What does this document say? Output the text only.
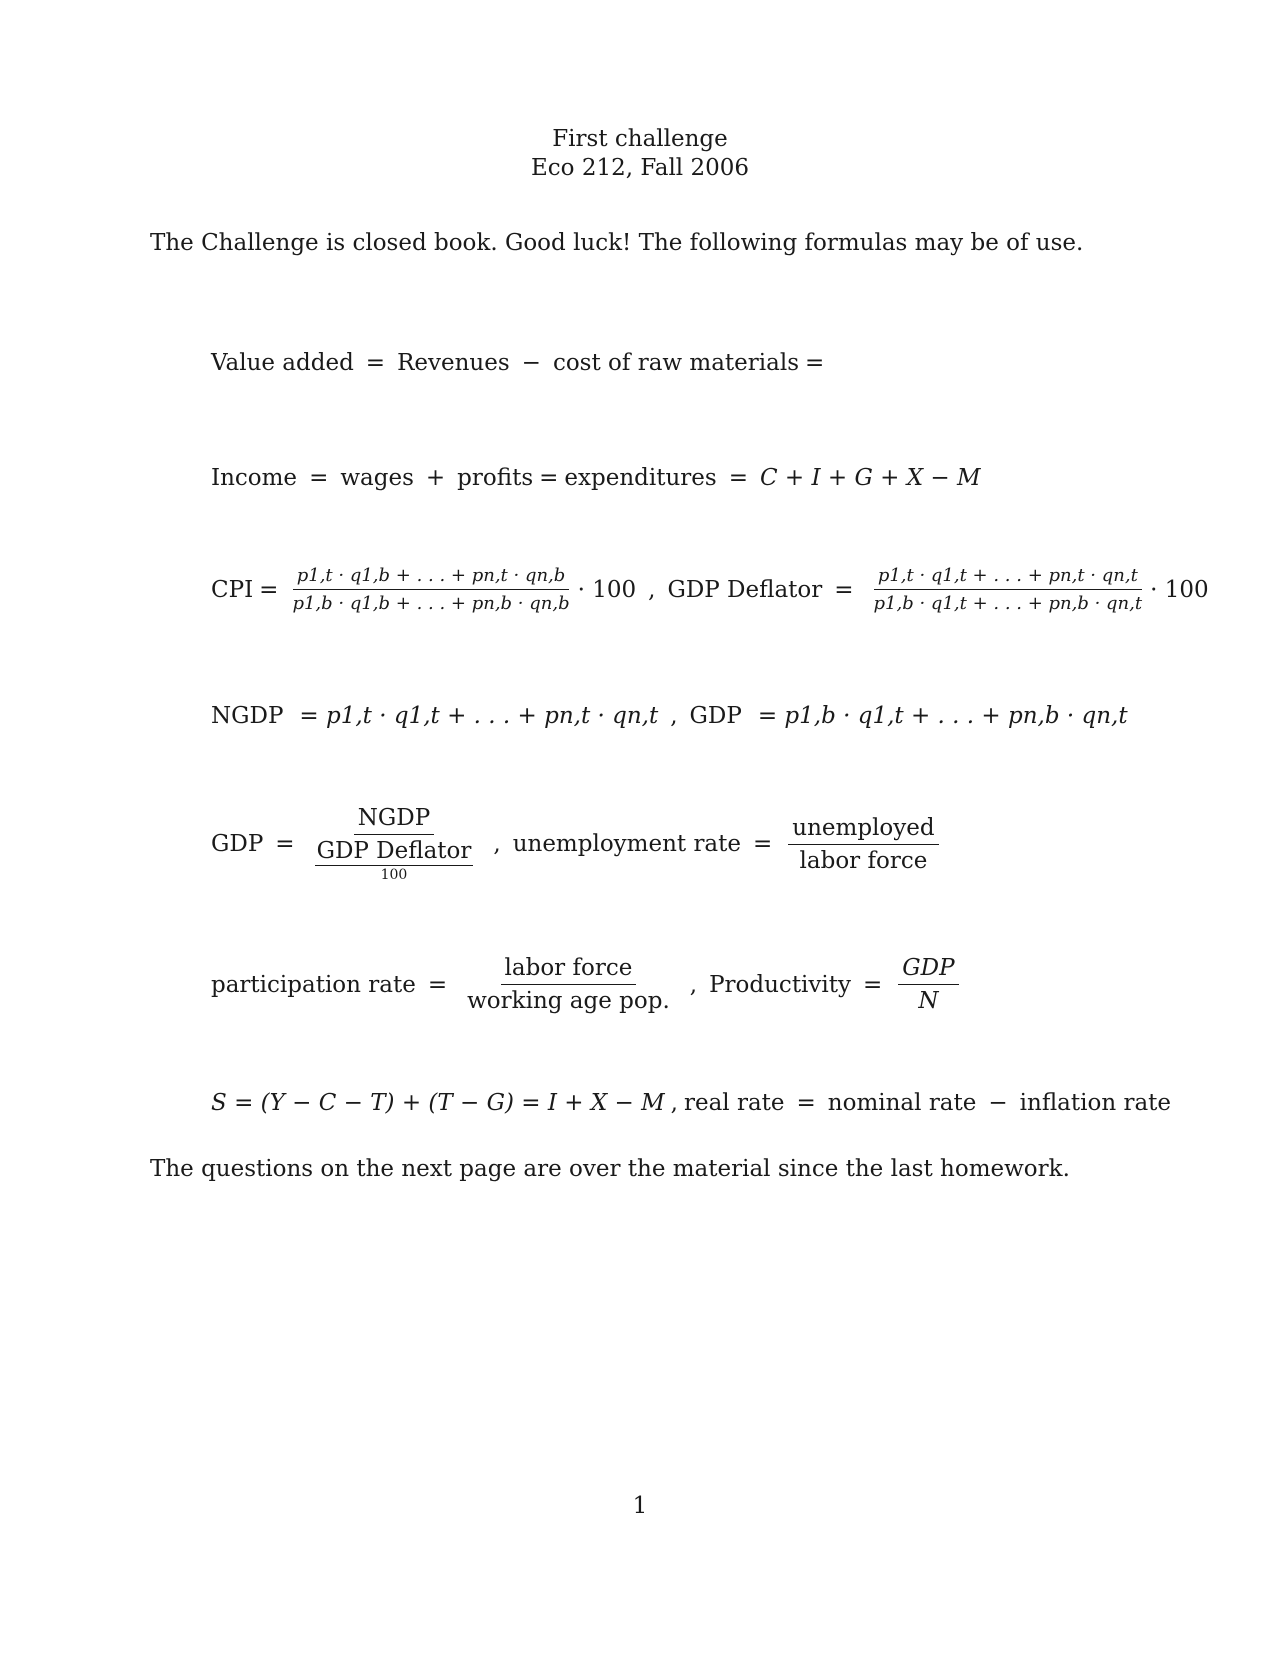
First challenge
Eco 212, Fall 2006
The Challenge is closed book. Good luck! The following formulas may be of use.
Value added = Revenues − cost of raw materials =
Income = wages + profits = expenditures = C + I + G + X − M
CPI = $\frac{p1,t \cdot q1,b + . . . + pn,t \cdot qn,b}{p1,b \cdot q1,b + . . . + pn,b \cdot qn,b} \cdot 100$ , GDP Deflator = $\frac{p1,t \cdot q1,t + . . . + pn,t \cdot qn,t}{p1,b \cdot q1,t + . . . + pn,b \cdot qn,t} \cdot 100$
NGDP = p1,t · q1,t + . . . + pn,t · qn,t , GDP = p1,b · q1,t + . . . + pn,b · qn,t
GDP = NGDP
GDP Deflator
100 , unemployment rate = $\frac{\text{unemployed}}{\text{labor force}}$
participation rate = $\frac{\text{labor force}}{\text{working age pop.}}$ , Productivity = $\frac{\text{GDP}}{N}$
S = (Y − C − T) + (T − G) = I + X − M , real rate = nominal rate − inflation rate
The questions on the next page are over the material since the last homework.
1
